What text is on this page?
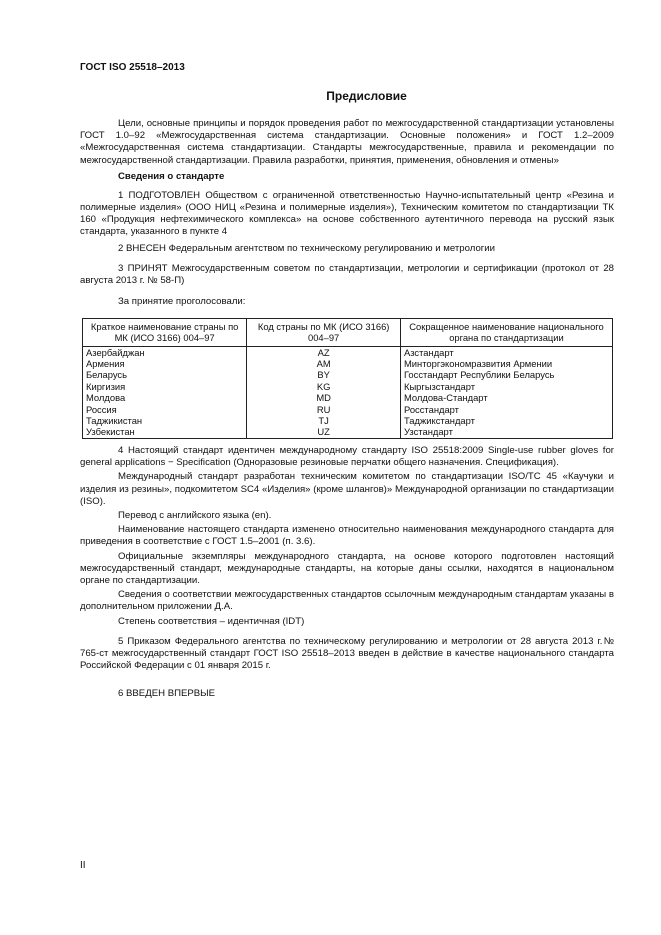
ГОСТ ISO 25518–2013
Предисловие

Цели, основные принципы и порядок проведения работ по межгосударственной стандартизации установлены ГОСТ 1.0–92 «Межгосударственная система стандартизации. Основные положения» и ГОСТ 1.2–2009 «Межгосударственная система стандартизации. Стандарты межгосударственные, правила и рекомендации по межгосударственной стандартизации. Правила разработки, принятия, применения, обновления и отмены»

Сведения о стандарте

1 ПОДГОТОВЛЕН Обществом с ограниченной ответственностью Научно-испытательный центр «Резина и полимерные изделия» (ООО НИЦ «Резина и полимерные изделия»), Техническим комитетом по стандартизации ТК 160 «Продукция нефтехимического комплекса» на основе собственного аутентичного перевода на русский язык стандарта, указанного в пункте 4

2 ВНЕСЕН Федеральным агентством по техническому регулированию и метрологии

3 ПРИНЯТ Межгосударственным советом по стандартизации, метрологии и сертификации (протокол от 28 августа 2013 г. № 58-П)

За принятие проголосовали:

Краткое наименование страны по МК (ИСО 3166) 004–97	Код страны по МК (ИСО 3166) 004–97	Сокращенное наименование национального органа по стандартизации
Азербайджан	AZ	Азстандарт
Армения	AM	Минторгэкономразвития Армении
Беларусь	BY	Госстандарт Республики Беларусь
Киргизия	KG	Кыргызстандарт
Молдова	MD	Молдова-Стандарт
Россия	RU	Росстандарт
Таджикистан	TJ	Таджикстандарт
Узбекистан	UZ	Узстандарт

4 Настоящий стандарт идентичен международному стандарту ISO 25518:2009 Single-use rubber gloves for general applications − Specification (Одноразовые резиновые перчатки общего назначения. Спецификация).

Международный стандарт разработан техническим комитетом по стандартизации ISO/TC 45 «Каучуки и изделия из резины», подкомитетом SC4 «Изделия» (кроме шлангов)» Международной организации по стандартизации (ISO).

Перевод с английского языка (en).

Наименование настоящего стандарта изменено относительно наименования международного стандарта для приведения в соответствие с ГОСТ 1.5–2001 (п. 3.6).

Официальные экземпляры международного стандарта, на основе которого подготовлен настоящий межгосударственный стандарт, международные стандарты, на которые даны ссылки, находятся в национальном органе по стандартизации.

Сведения о соответствии межгосударственных стандартов ссылочным международным стандартам указаны в дополнительном приложении Д.А.

Степень соответствия – идентичная (IDT)

5 Приказом Федерального агентства по техническому регулированию и метрологии от 28 августа 2013 г.№ 765-ст межгосударственный стандарт ГОСТ ISO 25518–2013 введен в действие в качестве национального стандарта Российской Федерации с 01 января 2015 г.

6 ВВЕДЕН ВПЕРВЫЕ

II
